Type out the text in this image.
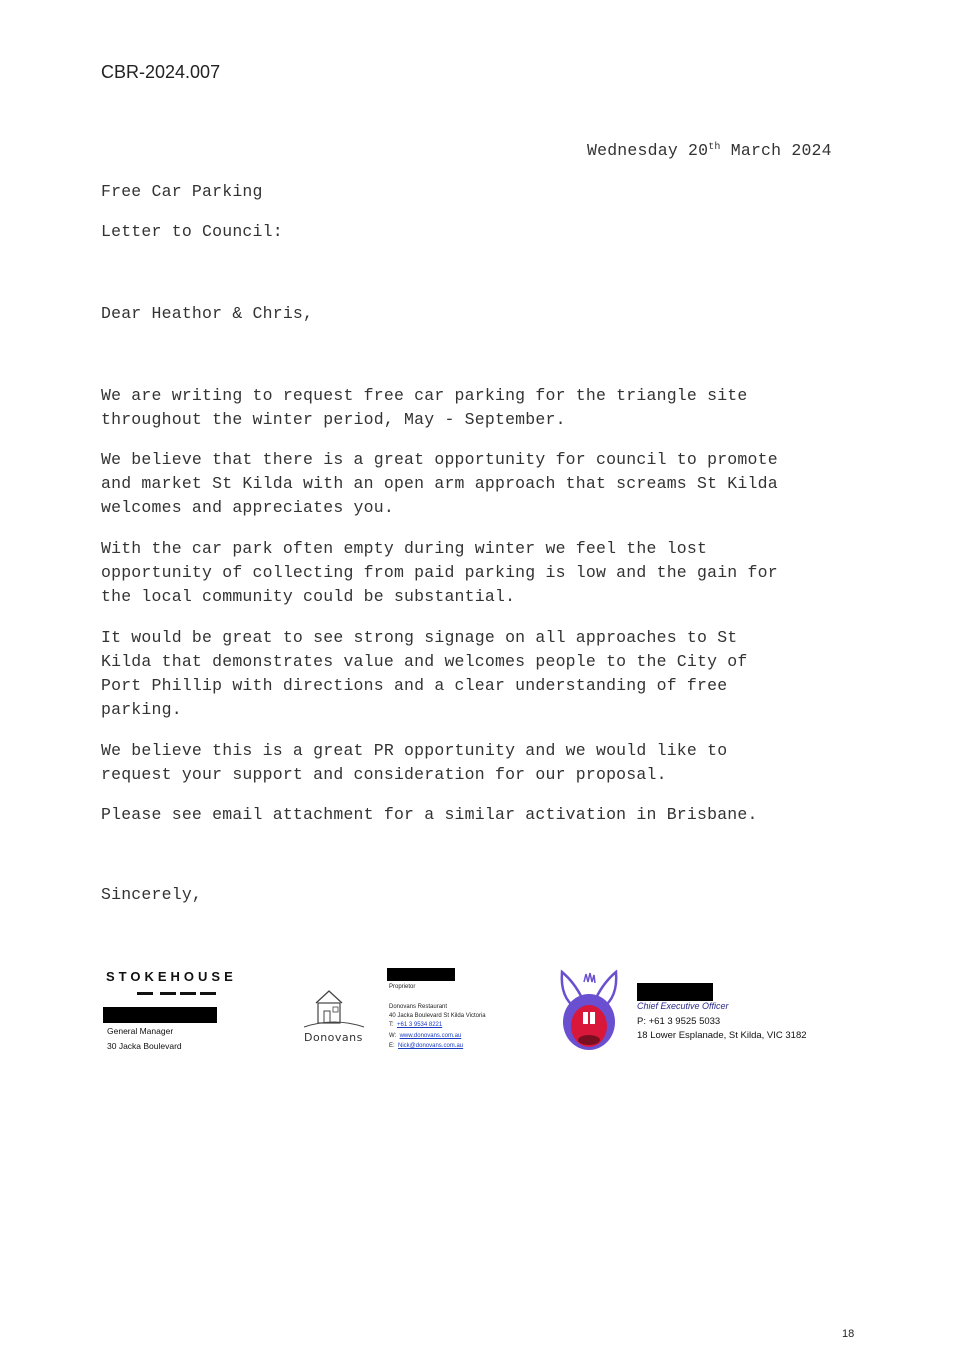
CBR-2024.007
Wednesday 20th March 2024
Free Car Parking
Letter to Council:
Dear Heathor & Chris,

We are writing to request free car parking for the triangle site
throughout the winter period, May - September.

We believe that there is a great opportunity for council to promote
and market St Kilda with an open arm approach that screams St Kilda
welcomes and appreciates you.

With the car park often empty during winter we feel the lost
opportunity of collecting from paid parking is low and the gain for
the local community could be substantial.

It would be great to see strong signage on all approaches to St
Kilda that demonstrates value and welcomes people to the City of
Port Phillip with directions and a clear understanding of free
parking.

We believe this is a great PR opportunity and we would like to
request your support and consideration for our proposal.

Please see email attachment for a similar activation in Brisbane.

Sincerely,
STOKEHOUSE
General Manager
30 Jacka Boulevard
Donovans
Proprietor
Donovans Restaurant
40 Jacka Boulevard St Kilda Victoria
T: +61 3 9534 8221
W: www.donovans.com.au
E: Nick@donovans.com.au
Chief Executive Officer
P: +61 3 9525 5033
18 Lower Esplanade, St Kilda, VIC 3182
18
